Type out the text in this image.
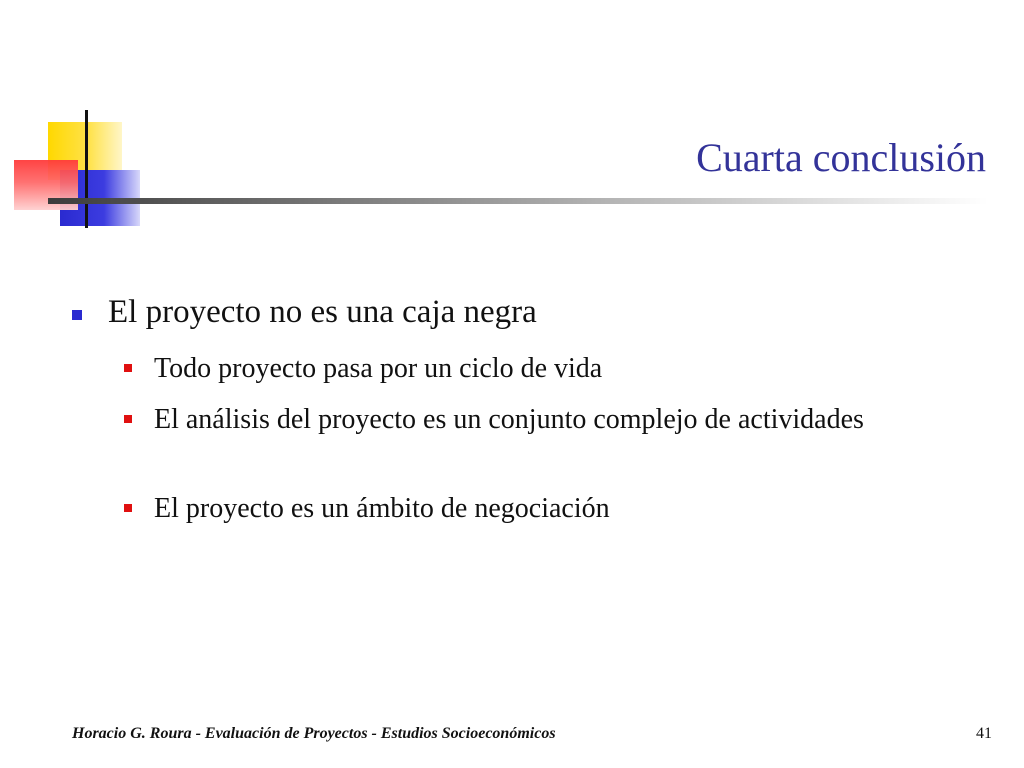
Cuarta conclusión
El proyecto no es una caja negra
Todo proyecto pasa por un ciclo de vida
El análisis del proyecto es un conjunto complejo de actividades
El proyecto es un ámbito de negociación
Horacio G. Roura - Evaluación de Proyectos - Estudios Socioeconómicos	41
